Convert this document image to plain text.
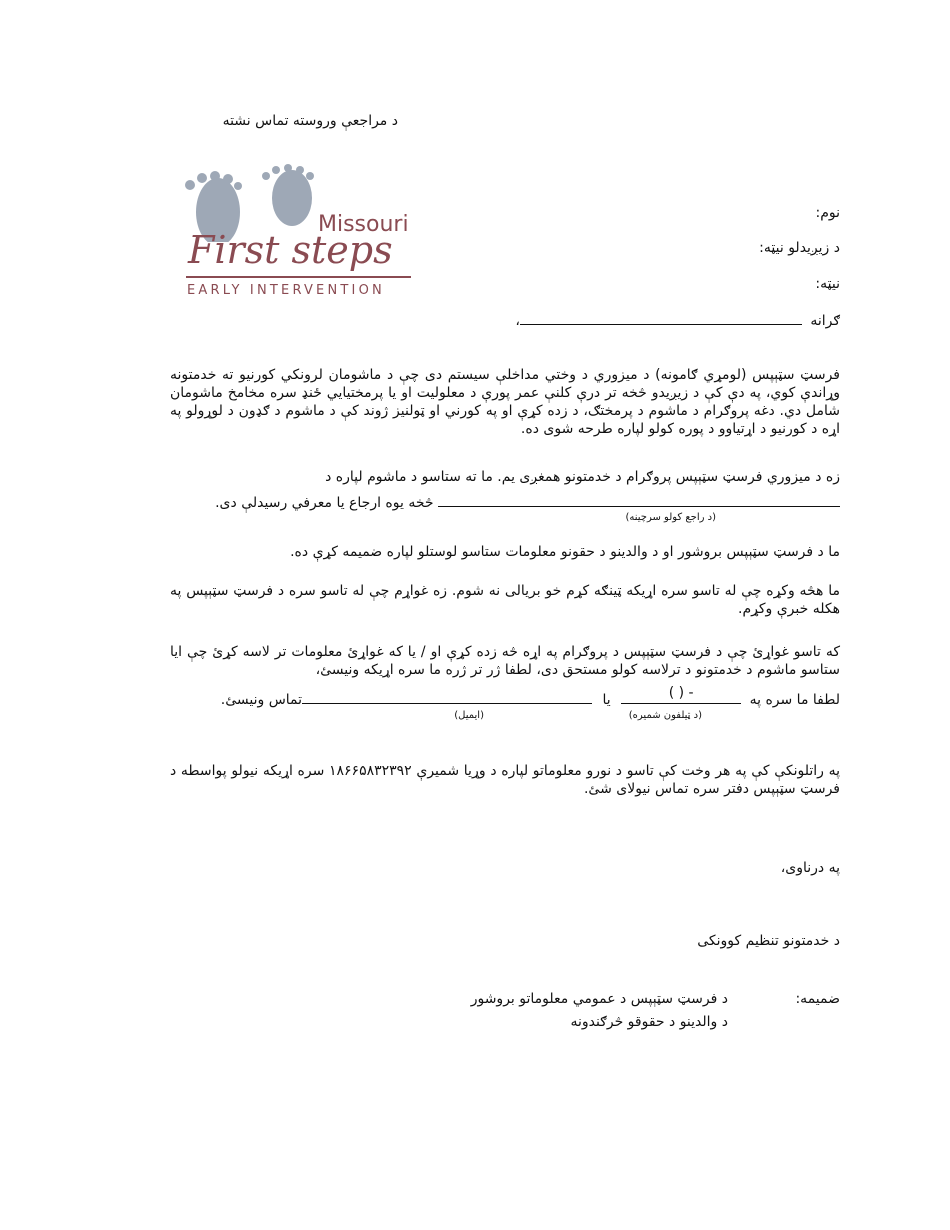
د مراجعې وروسته تماس نشته
Missouri
First steps
EARLY INTERVENTION
نوم:
د زیږیدلو نیټه:
نیټه:
ګرانه ،
فرسټ سټېپس (لومړي ګامونه) د میزوري د وختي مداخلې سیستم دی چې د ماشومان لرونکي کورنیو ته خدمتونه وړاندې کوي، په دې کې د زیږیدو څخه تر درې کلنې عمر پورې د معلولیت او یا پرمختیايي ځنډ سره مخامخ ماشومان شامل دي. دغه پروګرام د ماشوم د پرمختګ، د زده کړې او په کورني او ټولنیز ژوند کې د ماشوم د ګډون د لوړولو په اړه د کورنیو د اړتیاوو د پوره کولو لپاره طرحه شوی ده.
زه د میزوري فرسټ سټېپس پروګرام د خدمتونو همغږی یم. ما ته ستاسو د ماشوم لپاره د
څخه یوه ارجاع یا معرفي رسیدلې دی.
(د راجع کولو سرچینه)
ما د فرسټ سټېپس بروشور او د والدینو د حقونو معلومات ستاسو لوستلو لپاره ضمیمه کړې ده.
ما هڅه وکړه چې له تاسو سره اړیکه ټینګه کړم خو بریالی نه شوم. زه غواړم چې له تاسو سره د فرسټ سټېپس په هکله خبرې وکړم.
که تاسو غواړئ چې د فرسټ سټېپس د پروګرام په اړه څه زده کړې او / یا که غواړئ معلومات تر لاسه کړئ چې ایا ستاسو ماشوم د خدمتونو د ترلاسه کولو مستحق دی، لطفا ژر تر ژره ما سره اړیکه ونیسئ،
لطفا ما سره په
( ) -
یا تماس ونیسئ.
(د ټیلفون شمیره)
(ایمیل)
په راتلونکې کې په هر وخت کې تاسو د نورو معلوماتو لپاره د وړیا شمیرې ۱۸۶۶۵۸۳۲۳۹۲ سره اړیکه نیولو پواسطه د فرسټ سټېپس دفتر سره تماس نیولای شئ.
په درناوی،
د خدمتونو تنظیم کوونکی
ضمیمه:
د فرسټ سټېپس د عمومي معلوماتو بروشور
د والدینو د حقوقو څرګندونه
